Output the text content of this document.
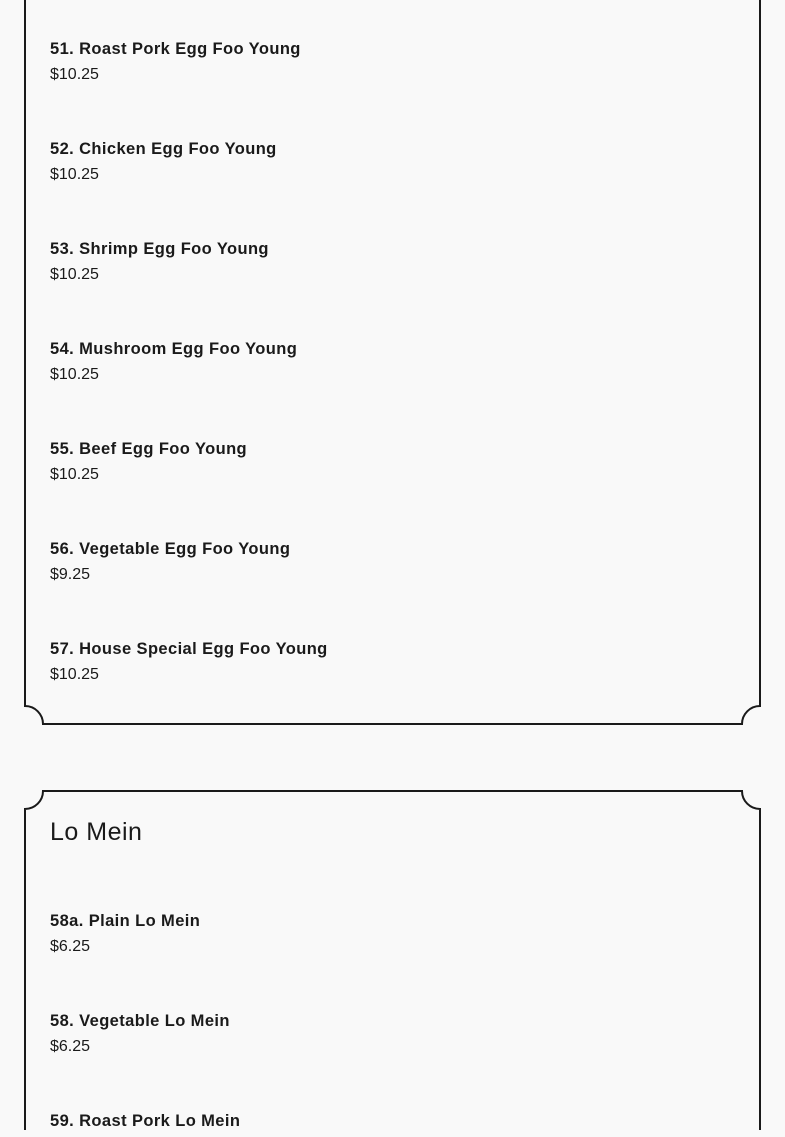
51. Roast Pork Egg Foo Young
$10.25
52. Chicken Egg Foo Young
$10.25
53. Shrimp Egg Foo Young
$10.25
54. Mushroom Egg Foo Young
$10.25
55. Beef Egg Foo Young
$10.25
56. Vegetable Egg Foo Young
$9.25
57. House Special Egg Foo Young
$10.25
Lo Mein
58a. Plain Lo Mein
$6.25
58. Vegetable Lo Mein
$6.25
59. Roast Pork Lo Mein
